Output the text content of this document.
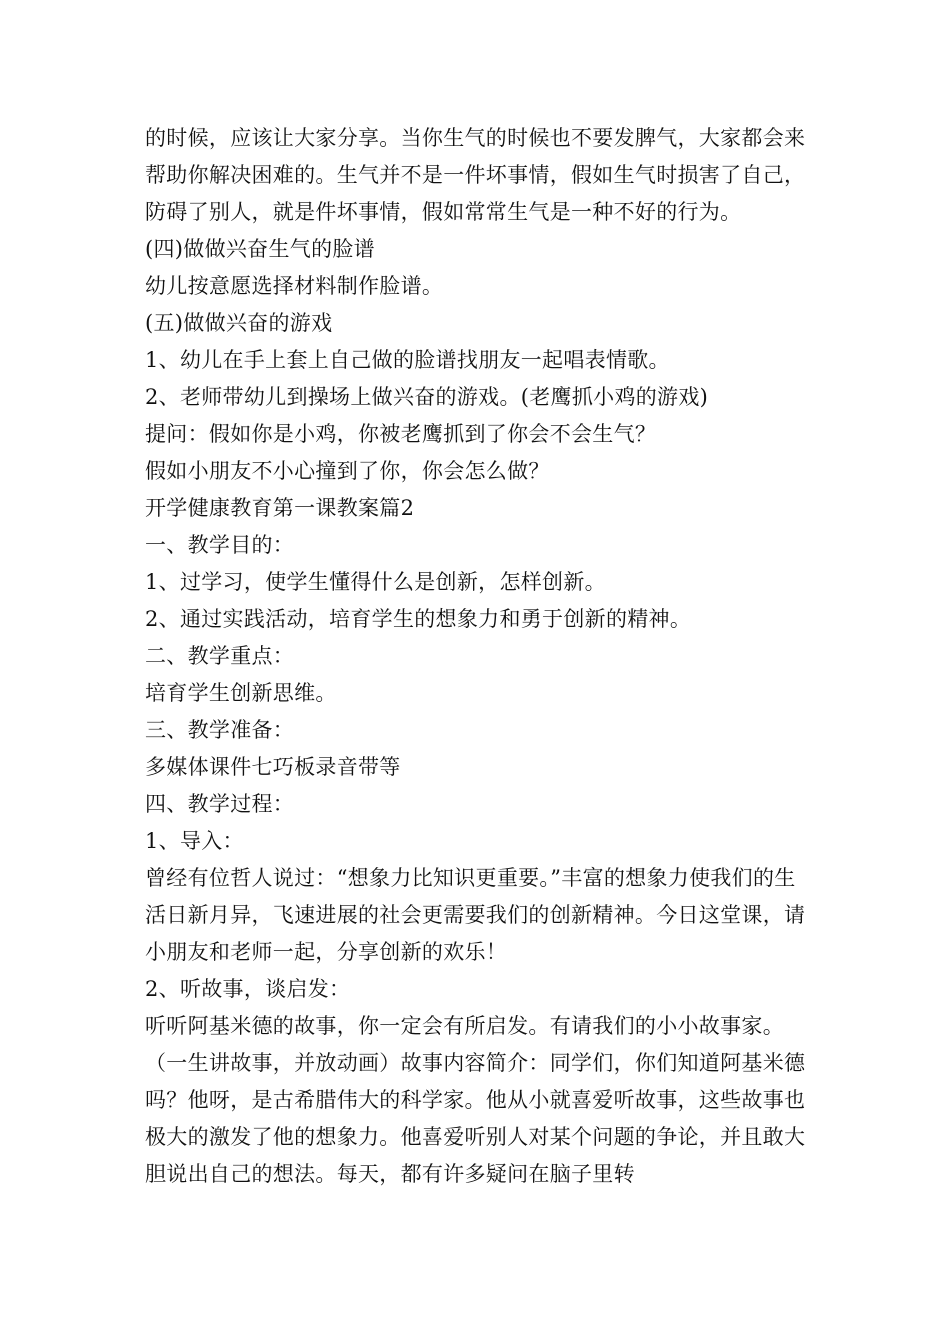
的时候，应该让大家分享。当你生气的时候也不要发脾气，大家都会来帮助你解决困难的。生气并不是一件坏事情，假如生气时损害了自己，防碍了别人，就是件坏事情，假如常常生气是一种不好的行为。

(四)做做兴奋生气的脸谱

幼儿按意愿选择材料制作脸谱。

(五)做做兴奋的游戏

1、幼儿在手上套上自己做的脸谱找朋友一起唱表情歌。

2、老师带幼儿到操场上做兴奋的游戏。(老鹰抓小鸡的游戏)

提问：假如你是小鸡，你被老鹰抓到了你会不会生气？

假如小朋友不小心撞到了你，你会怎么做？

开学健康教育第一课教案篇2

一、教学目的：

1、过学习，使学生懂得什么是创新，怎样创新。

2、通过实践活动，培育学生的想象力和勇于创新的精神。

二、教学重点：

培育学生创新思维。

三、教学准备：

多媒体课件七巧板录音带等

四、教学过程：

1、导入：

曾经有位哲人说过：“想象力比知识更重要。”丰富的想象力使我们的生活日新月异，飞速进展的社会更需要我们的创新精神。今日这堂课，请小朋友和老师一起，分享创新的欢乐！

2、听故事，谈启发：

听听阿基米德的故事，你一定会有所启发。有请我们的小小故事家。（一生讲故事，并放动画）故事内容简介：同学们，你们知道阿基米德吗？他呀，是古希腊伟大的科学家。他从小就喜爱听故事，这些故事也极大的激发了他的想象力。他喜爱听别人对某个问题的争论，并且敢大胆说出自己的想法。每天，都有许多疑问在脑子里转
